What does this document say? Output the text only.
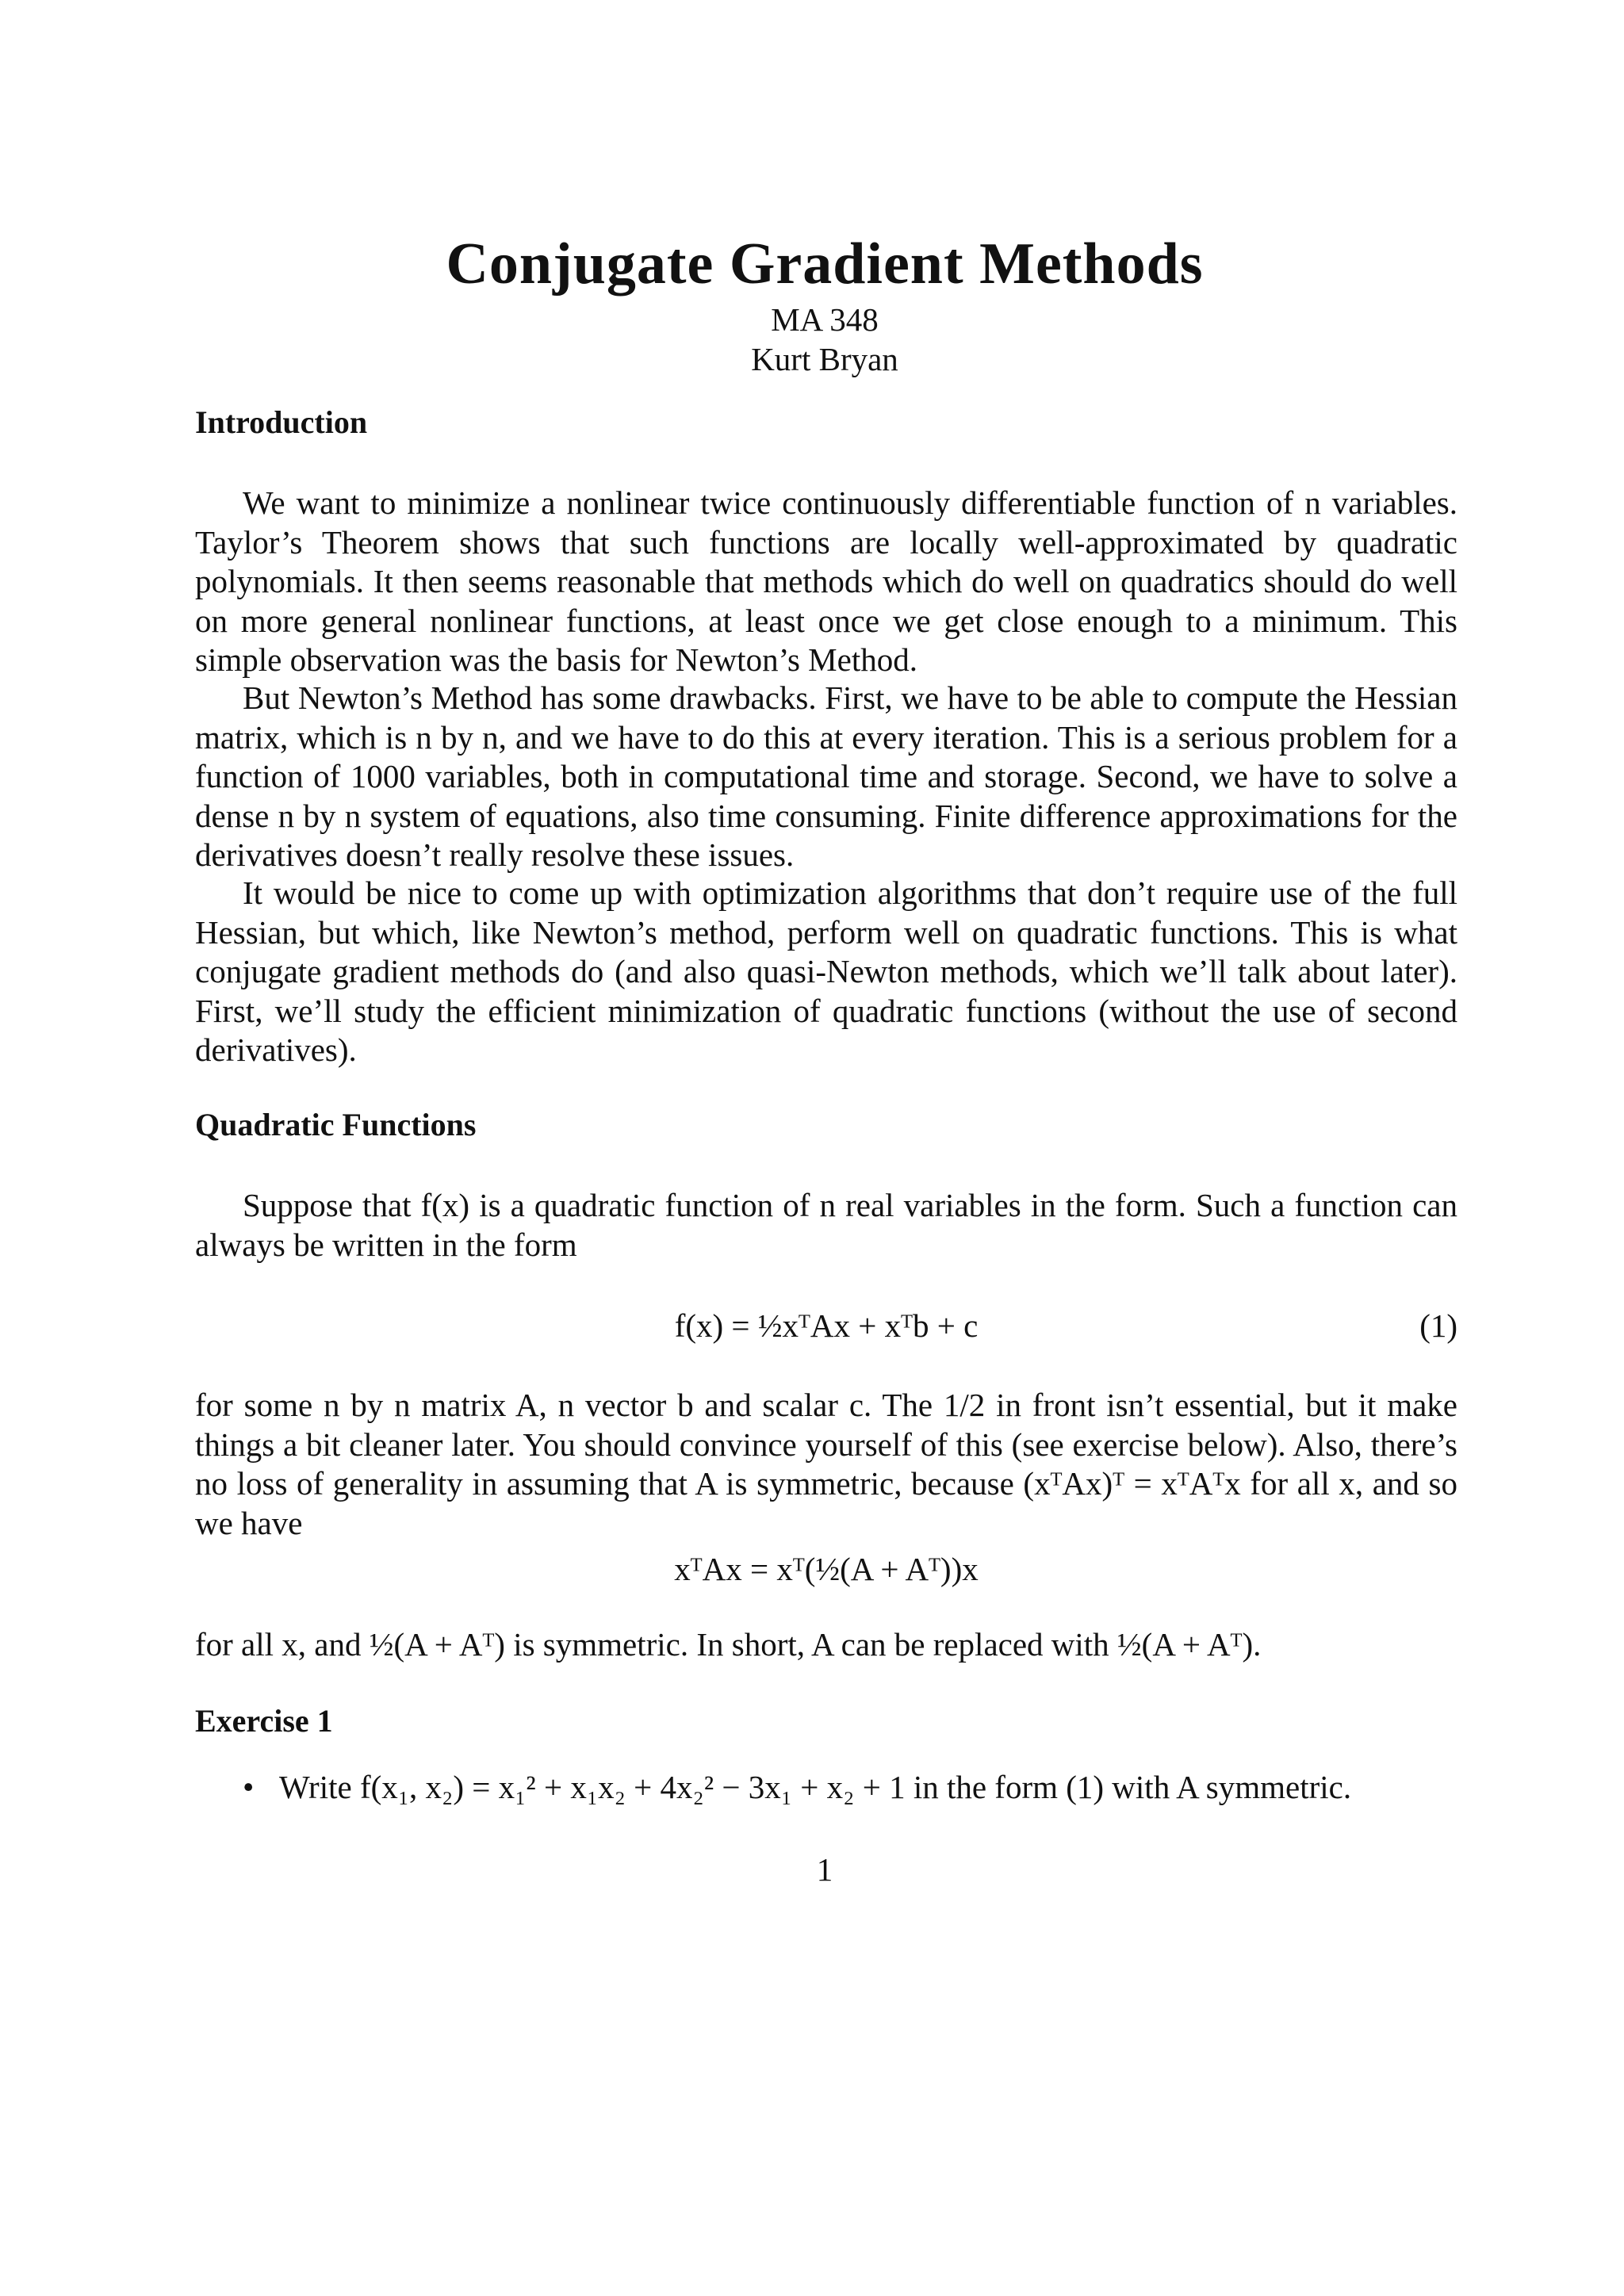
Conjugate Gradient Methods
MA 348
Kurt Bryan
Introduction
We want to minimize a nonlinear twice continuously differentiable function of n variables. Taylor’s Theorem shows that such functions are locally well-approximated by quadratic polynomials. It then seems reasonable that methods which do well on quadratics should do well on more general nonlinear functions, at least once we get close enough to a minimum. This simple observation was the basis for Newton’s Method.
But Newton’s Method has some drawbacks. First, we have to be able to compute the Hessian matrix, which is n by n, and we have to do this at every iteration. This is a serious problem for a function of 1000 variables, both in computational time and storage. Second, we have to solve a dense n by n system of equations, also time consuming. Finite difference approximations for the derivatives doesn’t really resolve these issues.
It would be nice to come up with optimization algorithms that don’t require use of the full Hessian, but which, like Newton’s method, perform well on quadratic functions. This is what conjugate gradient methods do (and also quasi-Newton methods, which we’ll talk about later). First, we’ll study the efficient minimization of quadratic functions (without the use of second derivatives).
Quadratic Functions
Suppose that f(x) is a quadratic function of n real variables in the form. Such a function can always be written in the form
f(x) = ½xᵀAx + xᵀb + c	(1)
for some n by n matrix A, n vector b and scalar c. The 1/2 in front isn’t essential, but it make things a bit cleaner later. You should convince yourself of this (see exercise below). Also, there’s no loss of generality in assuming that A is symmetric, because (xᵀAx)ᵀ = xᵀAᵀx for all x, and so we have
xᵀAx = xᵀ(½(A + Aᵀ))x
for all x, and ½(A + Aᵀ) is symmetric. In short, A can be replaced with ½(A + Aᵀ).
Exercise 1
• Write f(x₁, x₂) = x₁² + x₁x₂ + 4x₂² − 3x₁ + x₂ + 1 in the form (1) with A symmetric.
1
